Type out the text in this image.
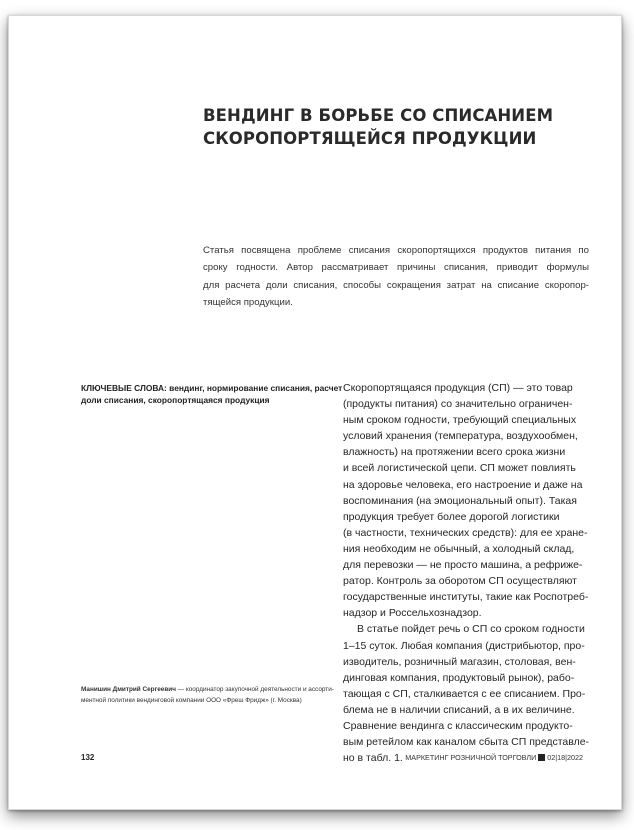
ВЕНДИНГ В БОРЬБЕ СО СПИСАНИЕМ
СКОРОПОРТЯЩЕЙСЯ ПРОДУКЦИИ
Статья посвящена проблеме списания скоропортящихся продуктов питания по
сроку годности. Автор рассматривает причины списания, приводит формулы
для расчета доли списания, способы сокращения затрат на списание скоропор-
тящейся продукции.
КЛЮЧЕВЫЕ СЛОВА: вендинг, нормирование списания, расчет
доли списания, скоропортящаяся продукция
Скоропортящаяся продукция (СП) — это товар
(продукты питания) со значительно ограничен-
ным сроком годности, требующий специальных
условий хранения (температура, воздухообмен,
влажность) на протяжении всего срока жизни
и всей логистической цепи. СП может повлиять
на здоровье человека, его настроение и даже на
воспоминания (на эмоциональный опыт). Такая
продукция требует более дорогой логистики
(в частности, технических средств): для ее хране-
ния необходим не обычный, а холодный склад,
для перевозки — не просто машина, а рефриже-
ратор. Контроль за оборотом СП осуществляют
государственные институты, такие как Роспотреб-
надзор и Россельхознадзор.
В статье пойдет речь о СП со сроком годности
1–15 суток. Любая компания (дистрибьютор, про-
изводитель, розничный магазин, столовая, вен-
динговая компания, продуктовый рынок), рабо-
тающая с СП, сталкивается с ее списанием. Про-
блема не в наличии списаний, а в их величине.
Сравнение вендинга с классическим продукто-
вым ретейлом как каналом сбыта СП представле-
но в табл. 1.
Манишин Дмитрий Сергеевич — координатор закупочной деятельности и ассорти-
ментной политики вендинговой компании ООО «Фреш Фридж» (г. Москва)
132	МАРКЕТИНГ РОЗНИЧНОЙ ТОРГОВЛИ 02|18|2022
